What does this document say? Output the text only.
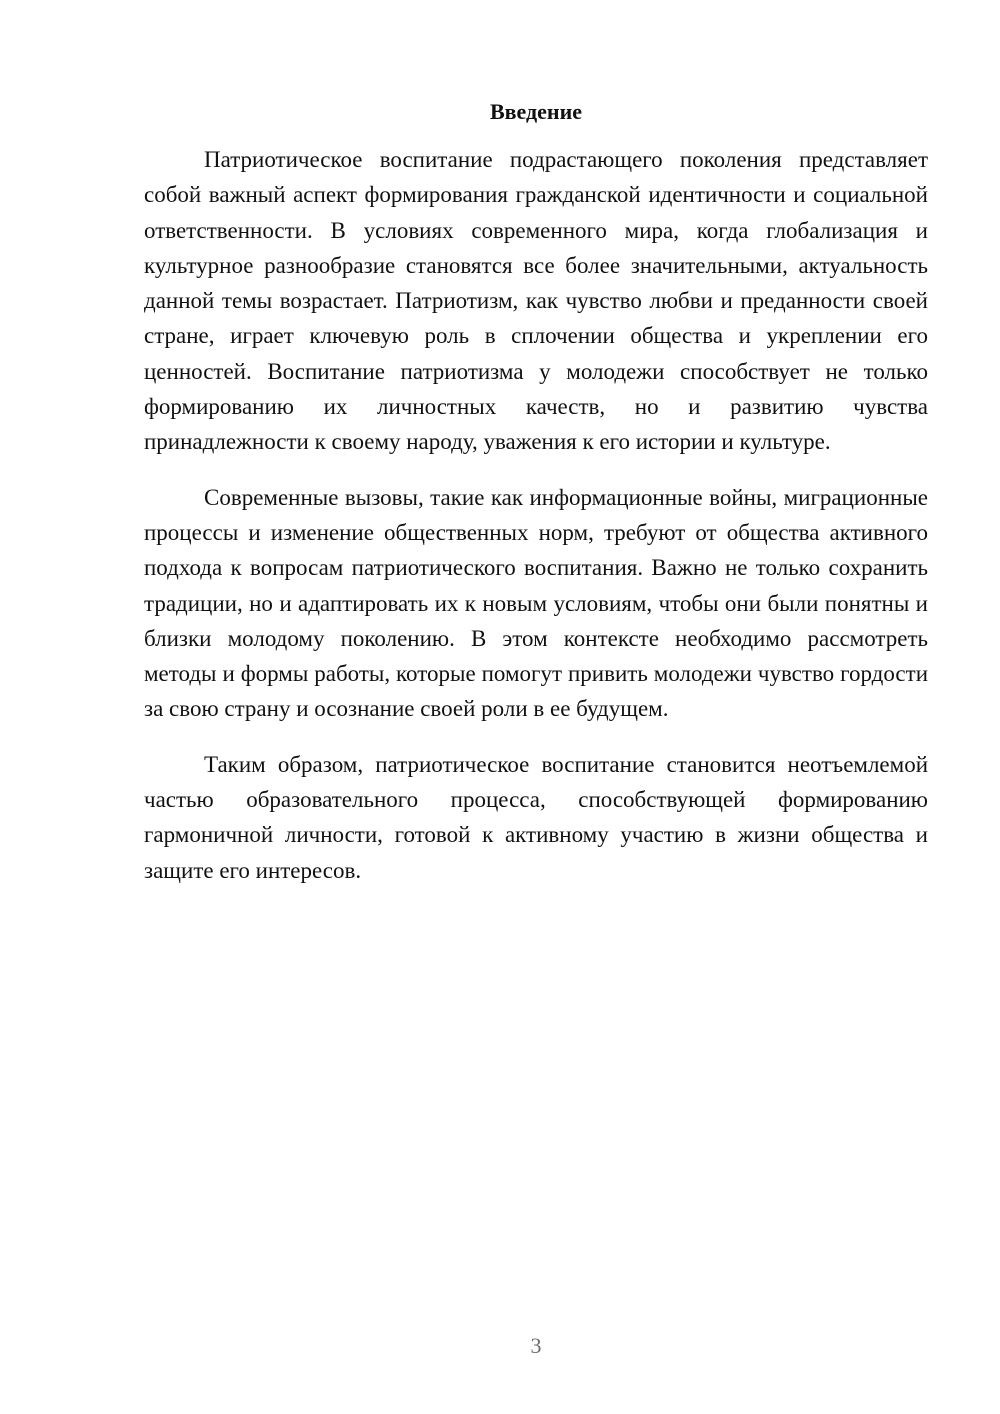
Введение

Патриотическое воспитание подрастающего поколения представляет собой важный аспект формирования гражданской идентичности и социальной ответственности. В условиях современного мира, когда глобализация и культурное разнообразие становятся все более значительными, актуальность данной темы возрастает. Патриотизм, как чувство любви и преданности своей стране, играет ключевую роль в сплочении общества и укреплении его ценностей. Воспитание патриотизма у молодежи способствует не только формированию их личностных качеств, но и развитию чувства принадлежности к своему народу, уважения к его истории и культуре.

Современные вызовы, такие как информационные войны, миграционные процессы и изменение общественных норм, требуют от общества активного подхода к вопросам патриотического воспитания. Важно не только сохранить традиции, но и адаптировать их к новым условиям, чтобы они были понятны и близки молодому поколению. В этом контексте необходимо рассмотреть методы и формы работы, которые помогут привить молодежи чувство гордости за свою страну и осознание своей роли в ее будущем.

Таким образом, патриотическое воспитание становится неотъемлемой частью образовательного процесса, способствующей формированию гармоничной личности, готовой к активному участию в жизни общества и защите его интересов.

3
